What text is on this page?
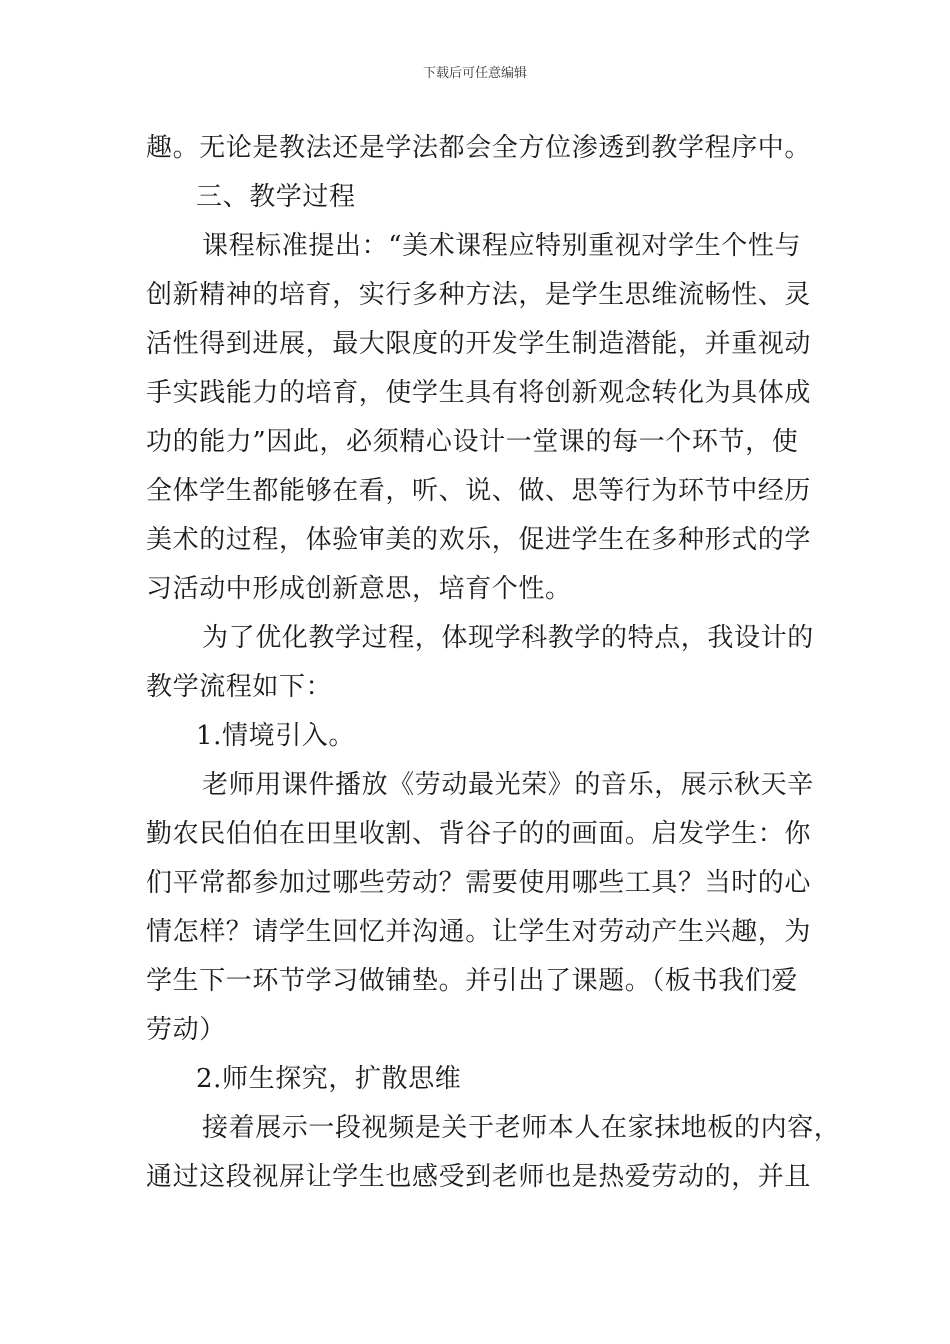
下载后可任意编辑
趣。无论是教法还是学法都会全方位渗透到教学程序中。
三、教学过程
课程标准提出：“美术课程应特别重视对学生个性与
创新精神的培育，实行多种方法，是学生思维流畅性、灵
活性得到进展，最大限度的开发学生制造潜能，并重视动
手实践能力的培育，使学生具有将创新观念转化为具体成
功的能力”因此，必须精心设计一堂课的每一个环节，使
全体学生都能够在看，听、说、做、思等行为环节中经历
美术的过程，体验审美的欢乐，促进学生在多种形式的学
习活动中形成创新意思，培育个性。
为了优化教学过程，体现学科教学的特点，我设计的
教学流程如下：
1.情境引入。
老师用课件播放《劳动最光荣》的音乐，展示秋天辛
勤农民伯伯在田里收割、背谷子的的画面。启发学生：你
们平常都参加过哪些劳动？需要使用哪些工具？当时的心
情怎样？请学生回忆并沟通。让学生对劳动产生兴趣，为
学生下一环节学习做铺垫。并引出了课题。（板书我们爱
劳动）
2.师生探究，扩散思维
接着展示一段视频是关于老师本人在家抹地板的内容，
通过这段视屏让学生也感受到老师也是热爱劳动的，并且
